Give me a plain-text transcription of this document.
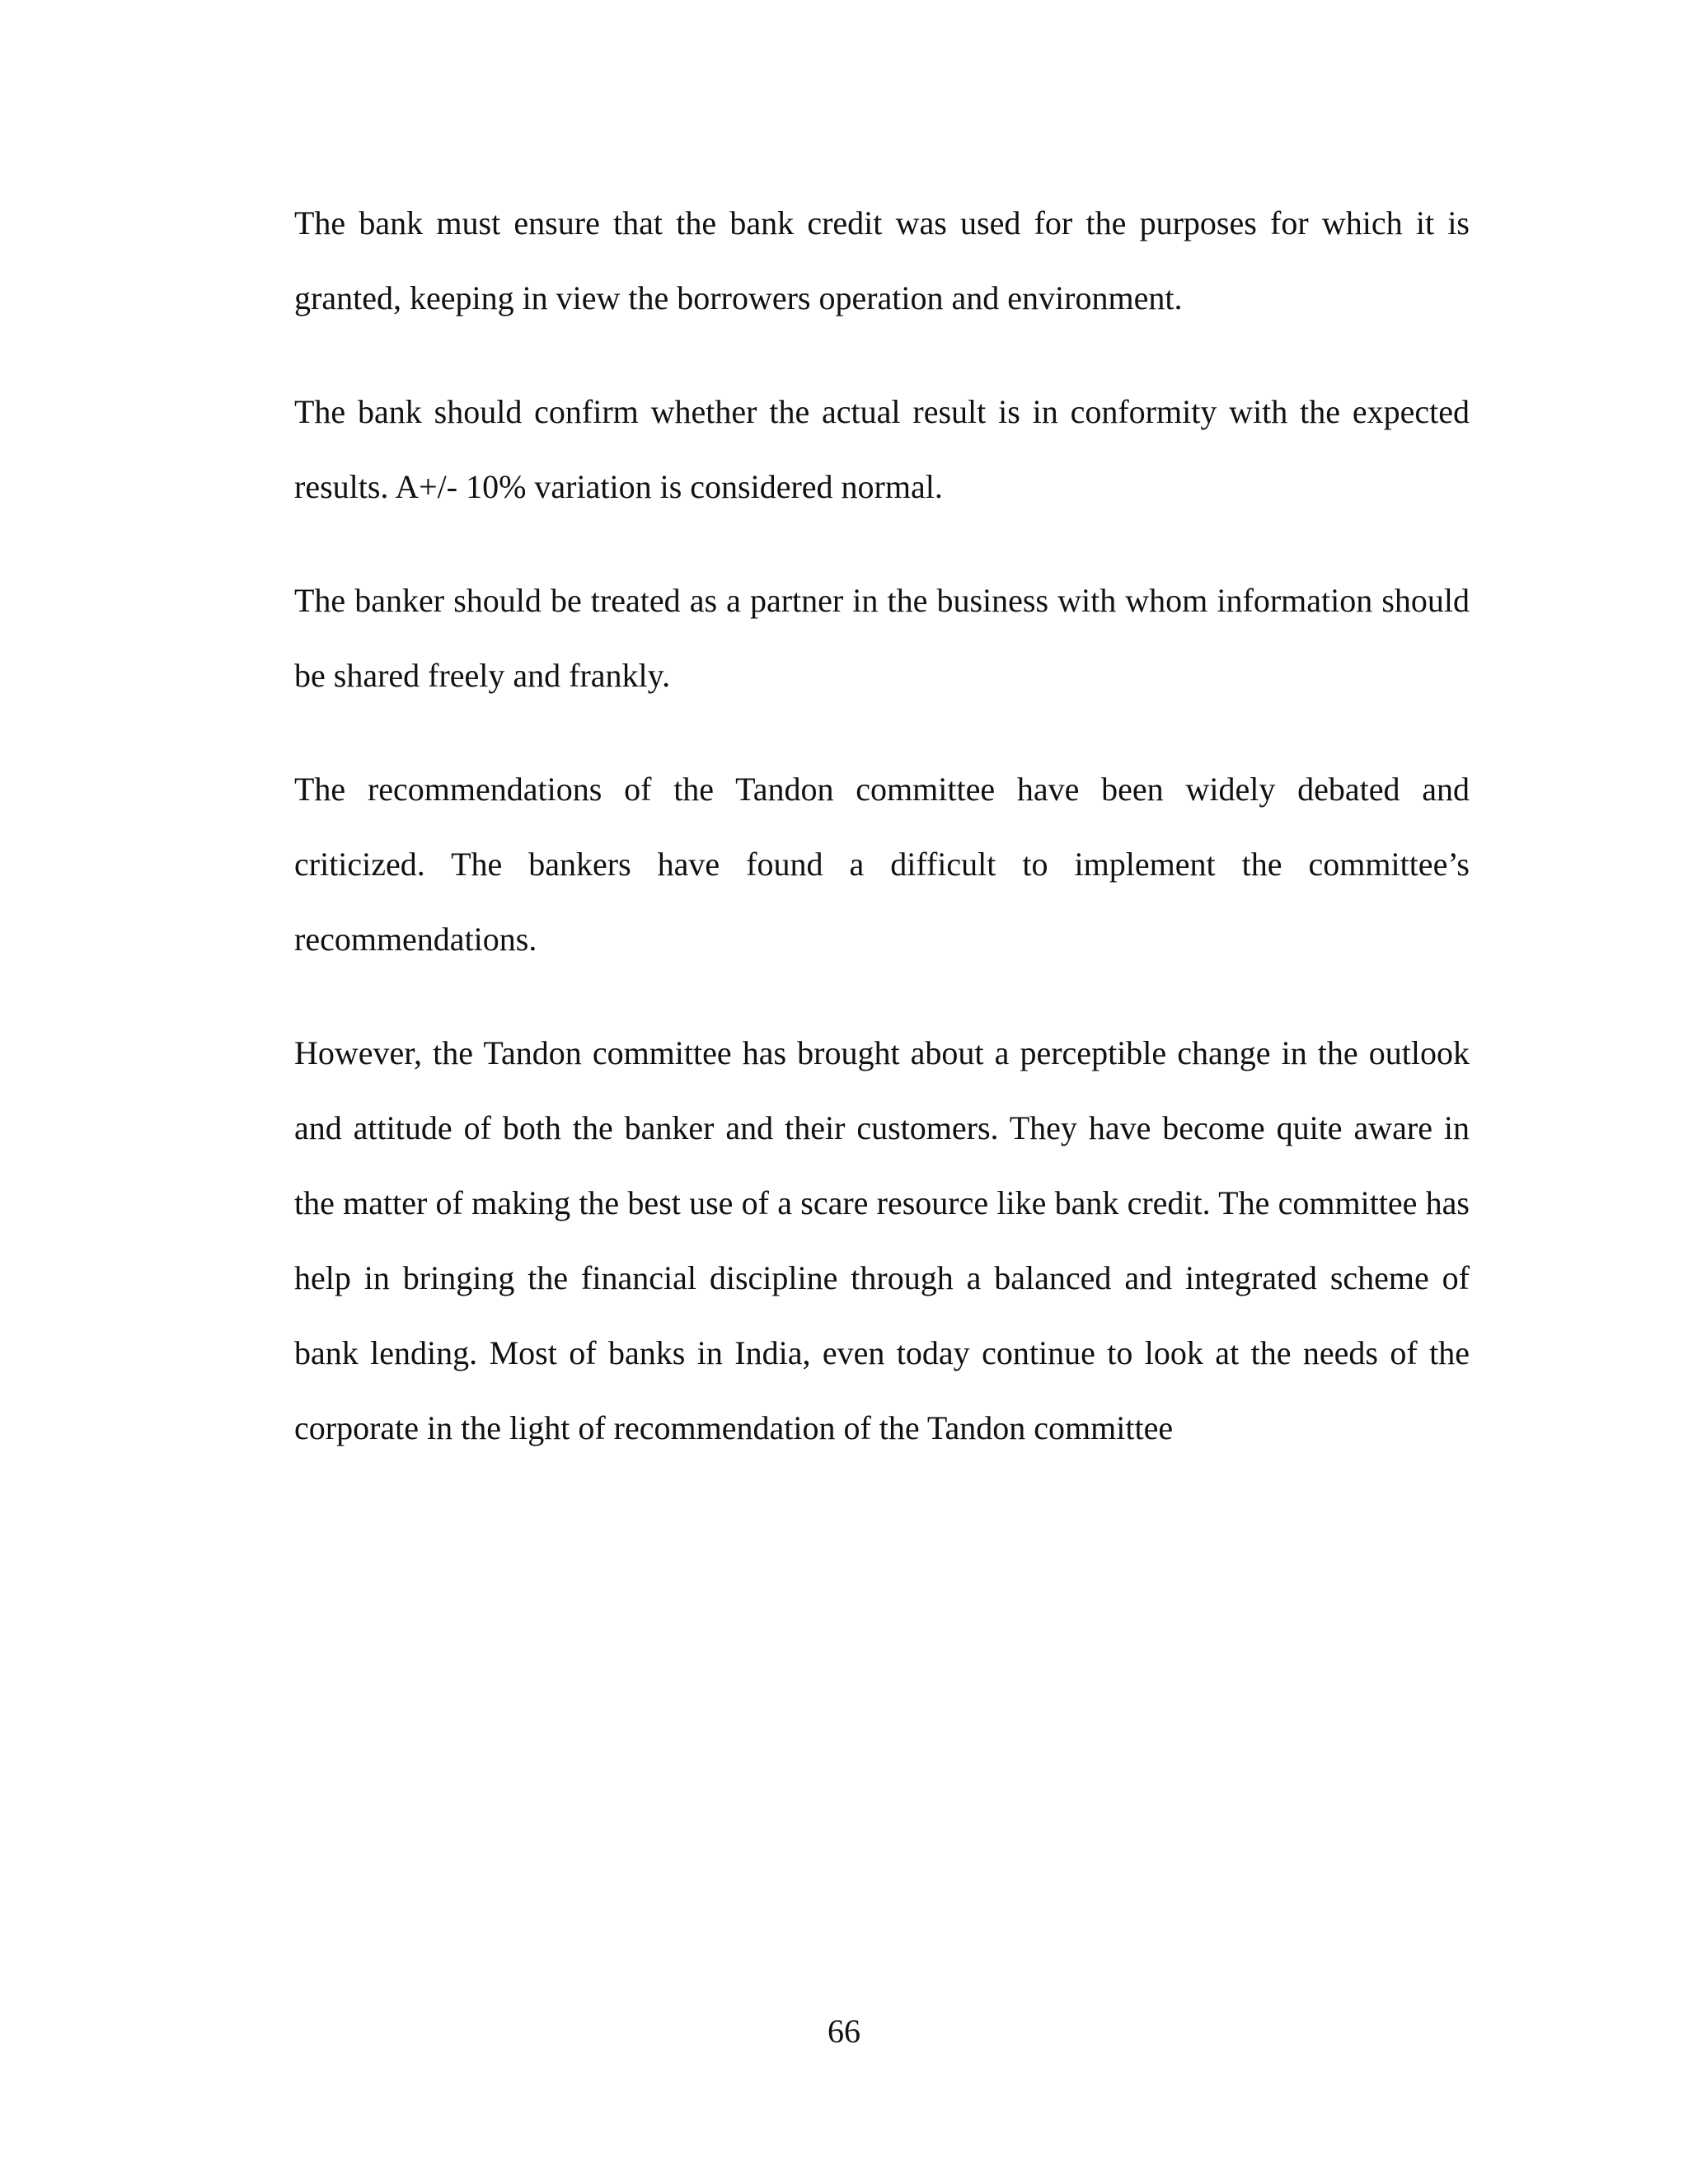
The bank must ensure that the bank credit was used for the purposes for which it is granted, keeping in view the borrowers operation and environment.

The bank should confirm whether the actual result is in conformity with the expected results. A+/- 10% variation is considered normal.

The banker should be treated as a partner in the business with whom information should be shared freely and frankly.

The recommendations of the Tandon committee have been widely debated and criticized. The bankers have found a difficult to implement the committee’s recommendations.

However, the Tandon committee has brought about a perceptible change in the outlook and attitude of both the banker and their customers. They have become quite aware in the matter of making the best use of a scare resource like bank credit. The committee has help in bringing the financial discipline through a balanced and integrated scheme of bank lending. Most of banks in India, even today continue to look at the needs of the corporate in the light of recommendation of the Tandon committee

66
